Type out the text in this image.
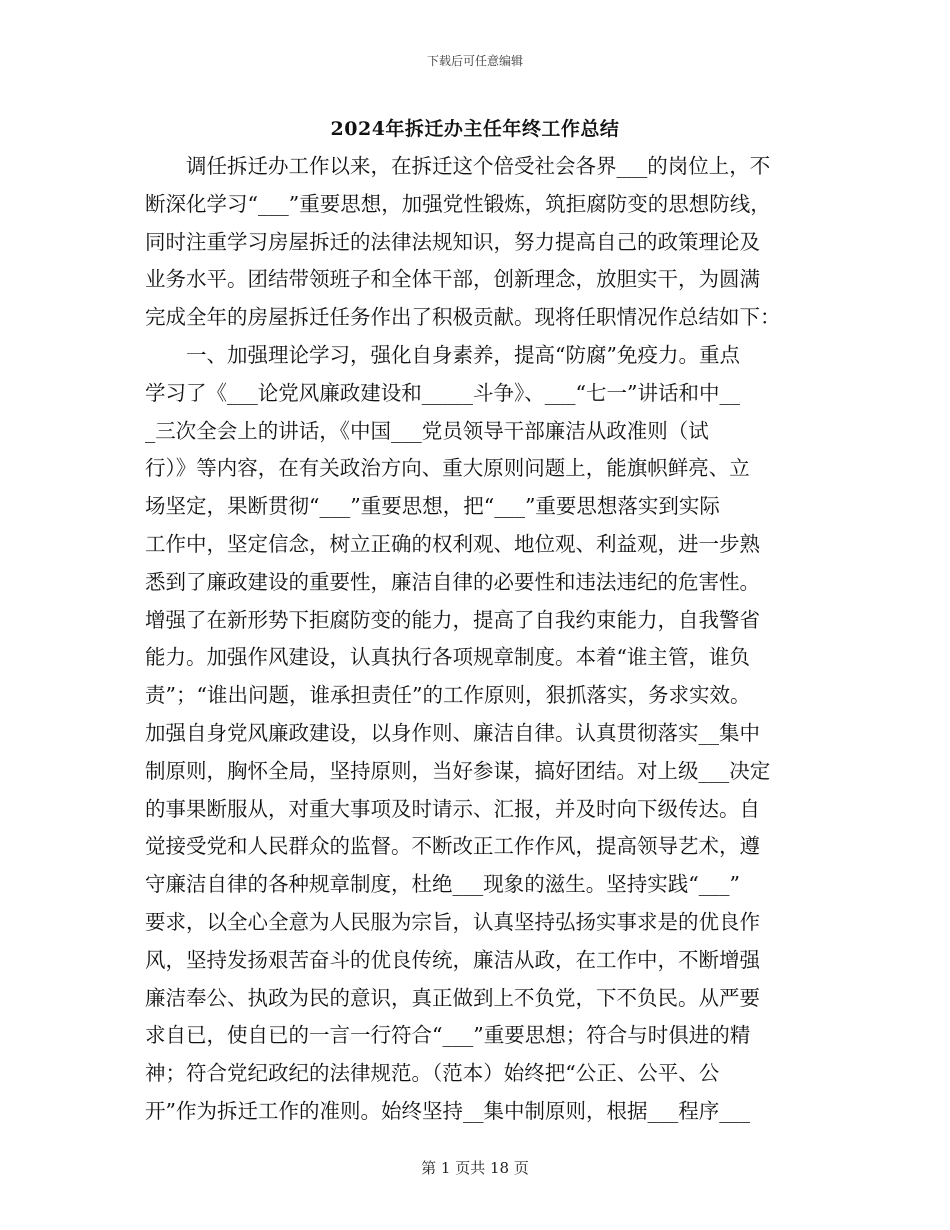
下载后可任意编辑
2024年拆迁办主任年终工作总结
　　调任拆迁办工作以来，在拆迁这个倍受社会各界___的岗位上，不
断深化学习“___”重要思想，加强党性锻炼，筑拒腐防变的思想防线，
同时注重学习房屋拆迁的法律法规知识，努力提高自己的政策理论及
业务水平。团结带领班子和全体干部，创新理念，放胆实干，为圆满
完成全年的房屋拆迁任务作出了积极贡献。现将任职情况作总结如下：
　　一、加强理论学习，强化自身素养，提高“防腐”免疫力。重点
学习了《___论党风廉政建设和_____斗争》、___“七一”讲话和中__
_三次全会上的讲话，《中国___党员领导干部廉洁从政准则（试
行）》等内容，在有关政治方向、重大原则问题上，能旗帜鲜亮、立
场坚定，果断贯彻“___”重要思想，把“___”重要思想落实到实际
工作中，坚定信念，树立正确的权利观、地位观、利益观，进一步熟
悉到了廉政建设的重要性，廉洁自律的必要性和违法违纪的危害性。
增强了在新形势下拒腐防变的能力，提高了自我约束能力，自我警省
能力。加强作风建设，认真执行各项规章制度。本着“谁主管，谁负
责”；“谁出问题，谁承担责任”的工作原则，狠抓落实，务求实效。
加强自身党风廉政建设，以身作则、廉洁自律。认真贯彻落实__集中
制原则，胸怀全局，坚持原则，当好参谋，搞好团结。对上级___决定
的事果断服从，对重大事项及时请示、汇报，并及时向下级传达。自
觉接受党和人民群众的监督。不断改正工作作风，提高领导艺术，遵
守廉洁自律的各种规章制度，杜绝___现象的滋生。坚持实践“___”
要求，以全心全意为人民服为宗旨，认真坚持弘扬实事求是的优良作
风，坚持发扬艰苦奋斗的优良传统，廉洁从政，在工作中，不断增强
廉洁奉公、执政为民的意识，真正做到上不负党，下不负民。从严要
求自已，使自已的一言一行符合“___”重要思想；符合与时俱进的精
神；符合党纪政纪的法律规范。（范本）始终把“公正、公平、公
开”作为拆迁工作的准则。始终坚持__集中制原则，根据___程序___
第 1 页共 18 页
